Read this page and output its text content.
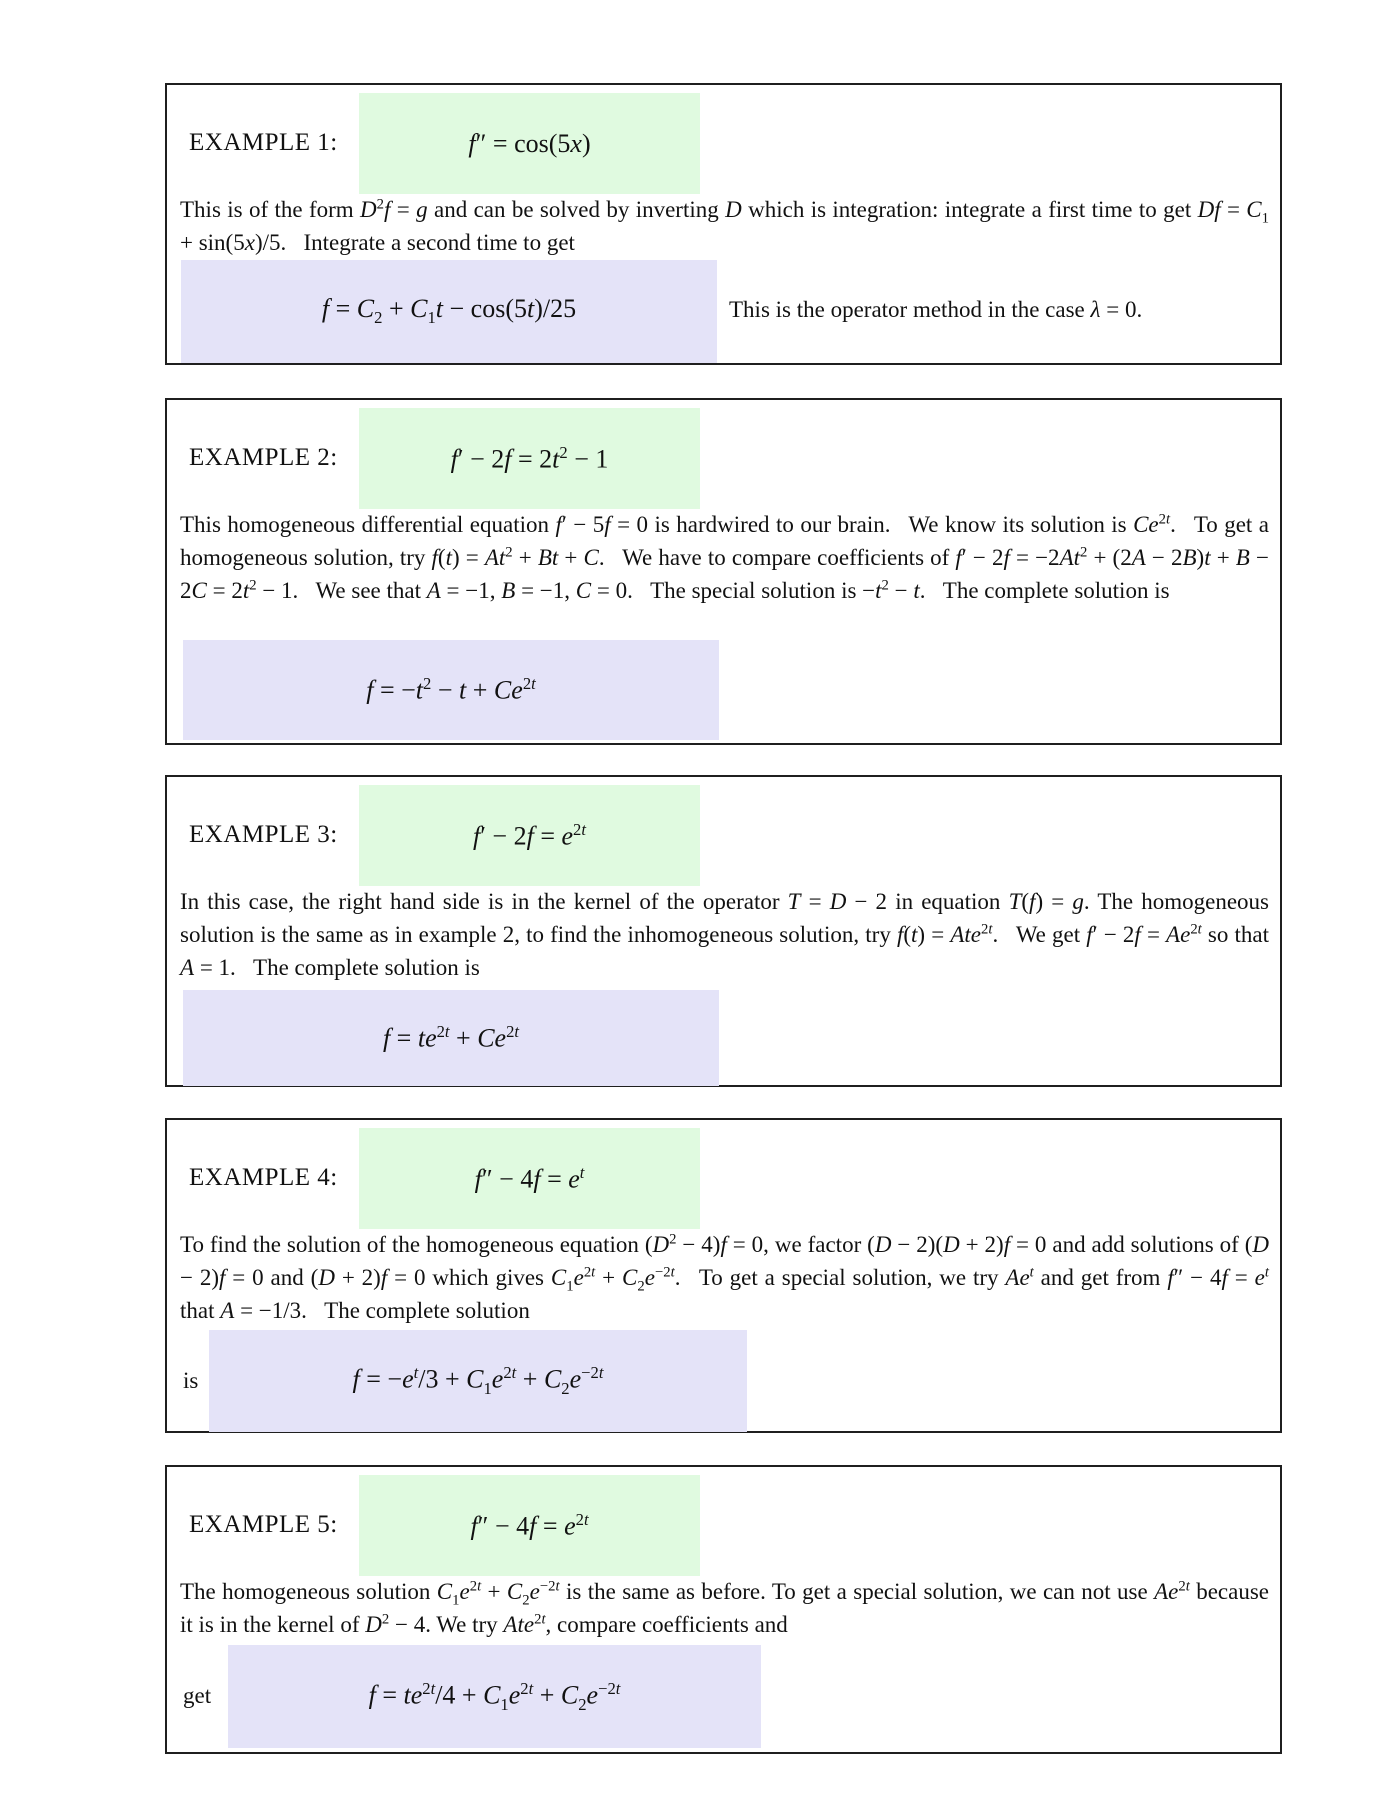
f″ = cos(5x)
EXAMPLE 1:

This is of the form $D^2f = g$ and can be solved by inverting D which is integration: integrate a first time to get $Df = C_1 + \sin(5x)/5$.  Integrate a second time to get

$f = C_2 + C_1t - \cos(5t)/25$	This is the operator method in the case λ = 0.
$f' - 2f = 2t^2 - 1$
EXAMPLE 2:

This homogeneous differential equation f′ − 5f = 0 is hardwired to our brain.  We know its solution is $Ce^{2t}$.  To get a homogeneous solution, try $f(t) = At^2 + Bt + C$.  We have to compare coefficients of $f' - 2f = -2At^2 + (2A - 2B)t + B - 2C = 2t^2 - 1$.  We see that A = −1, B = −1, C = 0.  The special solution is $-t^2 - t$.  The complete solution is

$f = -t^2 - t + Ce^{2t}$
$f' - 2f = e^{2t}$
EXAMPLE 3:

In this case, the right hand side is in the kernel of the operator T = D − 2 in equation T(f) = g. The homogeneous solution is the same as in example 2, to find the inhomogeneous solution, try f(t) = Ate$^{2t}$.  We get $f' - 2f = Ae^{2t}$ so that A = 1.  The complete solution is

$f = te^{2t} + Ce^{2t}$
$f'' - 4f = e^t$
EXAMPLE 4:

To find the solution of the homogeneous equation $(D^2 - 4)f = 0$, we factor (D − 2)(D + 2)f = 0 and add solutions of (D − 2)f = 0 and (D + 2)f = 0 which gives $C_1e^{2t} + C_2e^{-2t}$.  To get a special solution, we try Ae$^t$ and get from $f'' - 4f = e^t$ that A = −1/3.  The complete solution

is	$f = -e^t/3 + C_1e^{2t} + C_2e^{-2t}$
$f'' - 4f = e^{2t}$
EXAMPLE 5:

The homogeneous solution $C_1e^{2t} + C_2e^{-2t}$ is the same as before. To get a special solution, we can not use $Ae^{2t}$ because it is in the kernel of $D^2 - 4$. We try Ate$^{2t}$, compare coefficients and

get	$f = te^{2t}/4 + C_1e^{2t} + C_2e^{-2t}$
